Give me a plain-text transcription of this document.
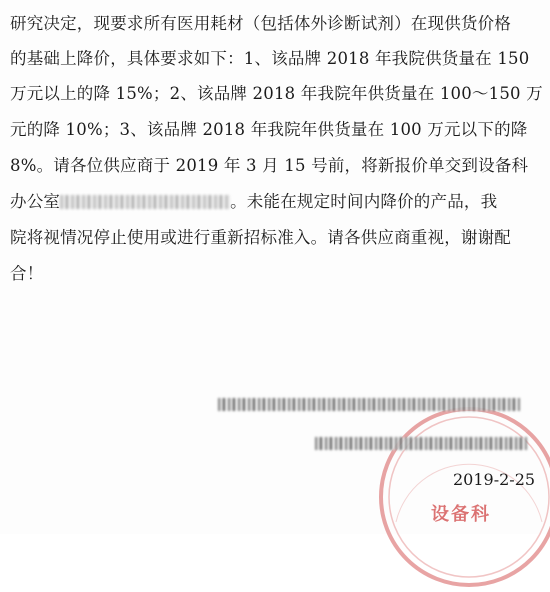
研究决定，现要求所有医用耗材（包括体外诊断试剂）在现供货价格
的基础上降价，具体要求如下：1、该品牌 2018 年我院供货量在 150
万元以上的降 15%；2、该品牌 2018 年我院年供货量在 100～150 万
元的降 10%；3、该品牌 2018 年我院年供货量在 100 万元以下的降
8%。请各位供应商于 2019 年 3 月 15 号前，将新报价单交到设备科
办公室	。未能在规定时间内降价的产品，我
院将视情况停止使用或进行重新招标准入。请各供应商重视，谢谢配
合！
设备科
2019-2-25
